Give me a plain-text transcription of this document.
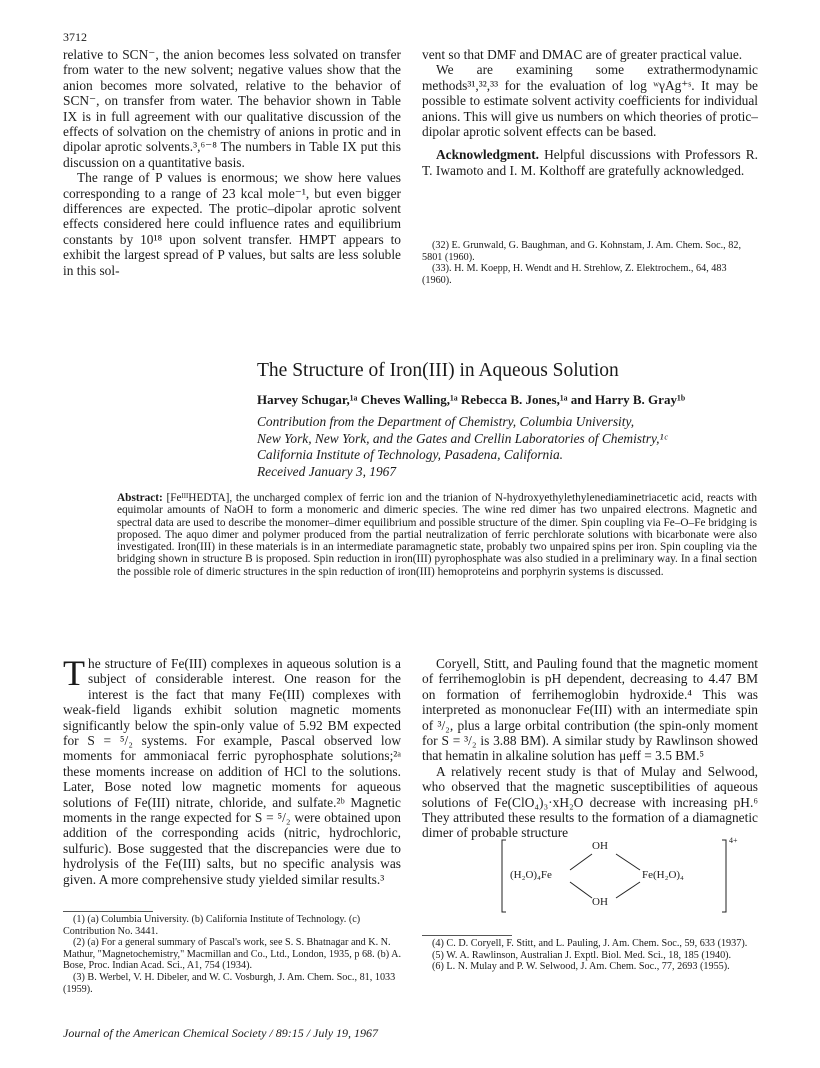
3712

relative to SCN⁻, the anion becomes less solvated on transfer from water to the new solvent; negative values show that the anion becomes more solvated, relative to the behavior of SCN⁻, on transfer from water. The behavior shown in Table IX is in full agreement with our qualitative discussion of the effects of solvation on the chemistry of anions in protic and in dipolar aprotic solvents.³,⁶⁻⁸ The numbers in Table IX put this discussion on a quantitative basis.

The range of P values is enormous; we show here values corresponding to a range of 23 kcal mole⁻¹, but even bigger differences are expected. The protic–dipolar aprotic solvent effects considered here could influence rates and equilibrium constants by 10¹⁸ upon solvent transfer. HMPT appears to exhibit the largest spread of P values, but salts are less soluble in this sol-

vent so that DMF and DMAC are of greater practical value.

We are examining some extrathermodynamic methods³¹,³²,³³ for the evaluation of log ʷγAg⁺ˢ. It may be possible to estimate solvent activity coefficients for individual anions. This will give us numbers on which theories of protic–dipolar aprotic solvent effects can be based.

Acknowledgment. Helpful discussions with Professors R. T. Iwamoto and I. M. Kolthoff are gratefully acknowledged.

(32) E. Grunwald, G. Baughman, and G. Kohnstam, J. Am. Chem. Soc., 82, 5801 (1960).

(33). H. M. Koepp, H. Wendt and H. Strehlow, Z. Elektrochem., 64, 483 (1960).

The Structure of Iron(III) in Aqueous Solution
Harvey Schugar,¹ᵃ Cheves Walling,¹ᵃ Rebecca B. Jones,¹ᵃ and Harry B. Gray¹ᵇ
Contribution from the Department of Chemistry, Columbia University,
New York, New York, and the Gates and Crellin Laboratories of Chemistry,¹ᶜ
California Institute of Technology, Pasadena, California.
Received January 3, 1967
Abstract: [FeᴵᴵᴵHEDTA], the uncharged complex of ferric ion and the trianion of N-hydroxyethylethylenediaminetriacetic acid, reacts with equimolar amounts of NaOH to form a monomeric and dimeric species. The wine red dimer has two unpaired electrons. Magnetic and spectral data are used to describe the monomer–dimer equilibrium and possible structure of the dimer. Spin coupling via Fe–O–Fe bridging is proposed. The aquo dimer and polymer produced from the partial neutralization of ferric perchlorate solutions with bicarbonate were also investigated. Iron(III) in these materials is in an intermediate paramagnetic state, probably two unpaired spins per iron. Spin coupling via the bridging shown in structure B is proposed. Spin reduction in iron(III) pyrophosphate was also studied in a preliminary way. In a final section the possible role of dimeric structures in the spin reduction of iron(III) hemoproteins and porphyrin systems is discussed.
T he structure of Fe(III) complexes in aqueous solution is a subject of considerable interest. One reason for the interest is the fact that many Fe(III) complexes with weak-field ligands exhibit solution magnetic moments significantly below the spin-only value of 5.92 BM expected for S = ⁵/₂ systems. For example, Pascal observed low moments for ammoniacal ferric pyrophosphate solutions;²ᵃ these moments increase on addition of HCl to the solutions. Later, Bose noted low magnetic moments for aqueous solutions of Fe(III) nitrate, chloride, and sulfate.²ᵇ Magnetic moments in the range expected for S = ⁵/₂ were obtained upon addition of the corresponding acids (nitric, hydrochloric, sulfuric). Bose suggested that the discrepancies were due to hydrolysis of the Fe(III) salts, but no specific analysis was given. A more comprehensive study yielded similar results.³

(1) (a) Columbia University. (b) California Institute of Technology. (c) Contribution No. 3441.

(2) (a) For a general summary of Pascal's work, see S. S. Bhatnagar and K. N. Mathur, "Magnetochemistry," Macmillan and Co., Ltd., London, 1935, p 68. (b) A. Bose, Proc. Indian Acad. Sci., A1, 754 (1934).

(3) B. Werbel, V. H. Dibeler, and W. C. Vosburgh, J. Am. Chem. Soc., 81, 1033 (1959).

Coryell, Stitt, and Pauling found that the magnetic moment of ferrihemoglobin is pH dependent, decreasing to 4.47 BM on formation of ferrihemoglobin hydroxide.⁴ This was interpreted as mononuclear Fe(III) with an intermediate spin of ³/₂, plus a large orbital contribution (the spin-only moment for S = ³/₂ is 3.88 BM). A similar study by Rawlinson showed that hematin in alkaline solution has μeff = 3.5 BM.⁵

A relatively recent study is that of Mulay and Selwood, who observed that the magnetic susceptibilities of aqueous solutions of Fe(ClO₄)₃·xH₂O decrease with increasing pH.⁶ They attributed these results to the formation of a diamagnetic dimer of probable structure

OH
OH
(H₂O)₄Fe	Fe(H₂O)₄
4+

(4) C. D. Coryell, F. Stitt, and L. Pauling, J. Am. Chem. Soc., 59, 633 (1937).

(5) W. A. Rawlinson, Australian J. Exptl. Biol. Med. Sci., 18, 185 (1940).

(6) L. N. Mulay and P. W. Selwood, J. Am. Chem. Soc., 77, 2693 (1955).

Journal of the American Chemical Society / 89:15 / July 19, 1967
